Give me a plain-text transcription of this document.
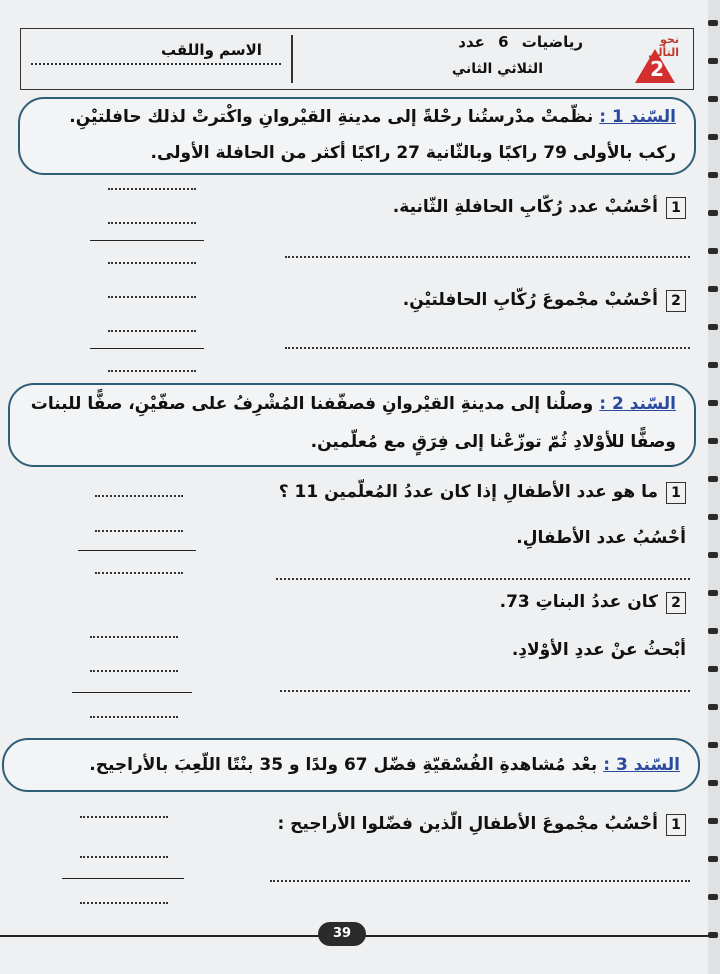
الاسم واللقب	رياضيات 6 عدد
الثلاثي الثاني
نحو التألق
2
السّند 1 :نظّمتْ مدْرستُنا رحْلةً إلى مدينةِ القيْروانِ واكْترتْ لذلك حافلتيْنِ. ركب بالأولى 79 راكبًا وبالثّانية 27 راكبًا أكثر من الحافلة الأولى.
1أحْسُبْ عدد رُكّابِ الحافلةِ الثّانية.
2أحْسُبْ مجْموعَ رُكّابِ الحافلتيْنِ.
السّند 2 :وصلْنا إلى مدينةِ القيْروانِ فصفّفنا المُشْرِفُ على صفّيْنِ، صفًّا للبنات وصفًّا للأوْلادِ ثُمّ توزّعْنا إلى فِرَقٍ مع مُعلّمين.
1ما هو عدد الأطفالِ إذا كان عددُ المُعلّمين 11 ؟
أحْسُبُ عدد الأطفالِ.
2كان عددُ البناتِ 73.
أبْحثُ عنْ عددِ الأوْلادِ.
السّند 3 :بعْد مُشاهدةِ الفُسْقيّةِ فضّل 67 ولدًا و 35 بنْتًا اللّعِبَ بالأراجيح.
1أحْسُبُ مجْموعَ الأطفالِ الّذين فضّلوا الأراجيح :
39
